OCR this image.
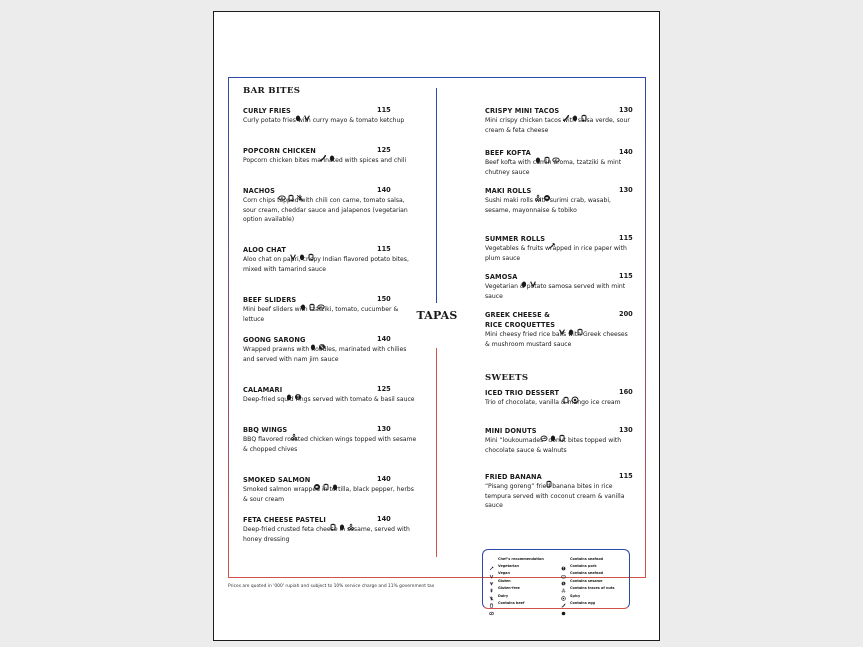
TAPAS
BAR BITES
SWEETS
CURLY FRIES	115
Curly potato fries with curry mayo & tomato ketchup
POPCORN CHICKEN	125
Popcorn chicken bites marinated with spices and chili
NACHOS	140
Corn chips topped with chili con carne, tomato salsa, sour cream, cheddar sauce and jalapenos (vegetarian option available)
ALOO CHAT	115
Aloo chat on papri, crispy Indian flavored potato bites, mixed with tamarind sauce
BEEF SLIDERS	150
Mini beef sliders with tzatziki, tomato, cucumber & lettuce
GOONG SARONG	140
Wrapped prawns with noodles, marinated with chilies and served with nam jim sauce
CALAMARI	125
Deep-fried squid rings served with tomato & basil sauce
BBQ WINGS	130
BBQ flavored roasted chicken wings topped with sesame & chopped chives
SMOKED SALMON	140
Smoked salmon wrapped in tortilla, black pepper, herbs & sour cream
FETA CHEESE PASTELI	140
Deep-fried crusted feta cheese in sesame, served with honey dressing
CRISPY MINI TACOS	130
Mini crispy chicken tacos with salsa verde, sour cream & feta cheese
BEEF KOFTA	140
Beef kofta with cumin aroma, tzatziki & mint chutney sauce
MAKI ROLLS	130
Sushi maki rolls with surimi crab, wasabi, sesame, mayonnaise & tobiko
SUMMER ROLLS	115
Vegetables & fruits wrapped in rice paper with plum sauce
SAMOSA	115
Vegetarian & potato samosa served with mint sauce
GREEK CHEESE &
RICE CROQUETTES
200
Mini cheesy fried rice balls with Greek cheeses & mushroom mustard sauce
ICED TRIO DESSERT	160
Trio of chocolate, vanilla & mango ice cream
MINI DONUTS	130
Mini “loukoumades” donut bites topped with chocolate sauce & walnuts
FRIED BANANA	115
“Pisang goreng” fried banana bites in rice tempura served with coconut cream & vanilla sauce
Prices are quoted in '000' rupiah and subject to 10% service charge and 11% government tax
Chef’s recommendation
Vegetarian
Vegan
Gluten
Gluten-free
Dairy
Contains beef
Contains seafood
Contains pork
Contains seafood
Contains sesame
Contains traces of nuts
Spicy
Contains egg
